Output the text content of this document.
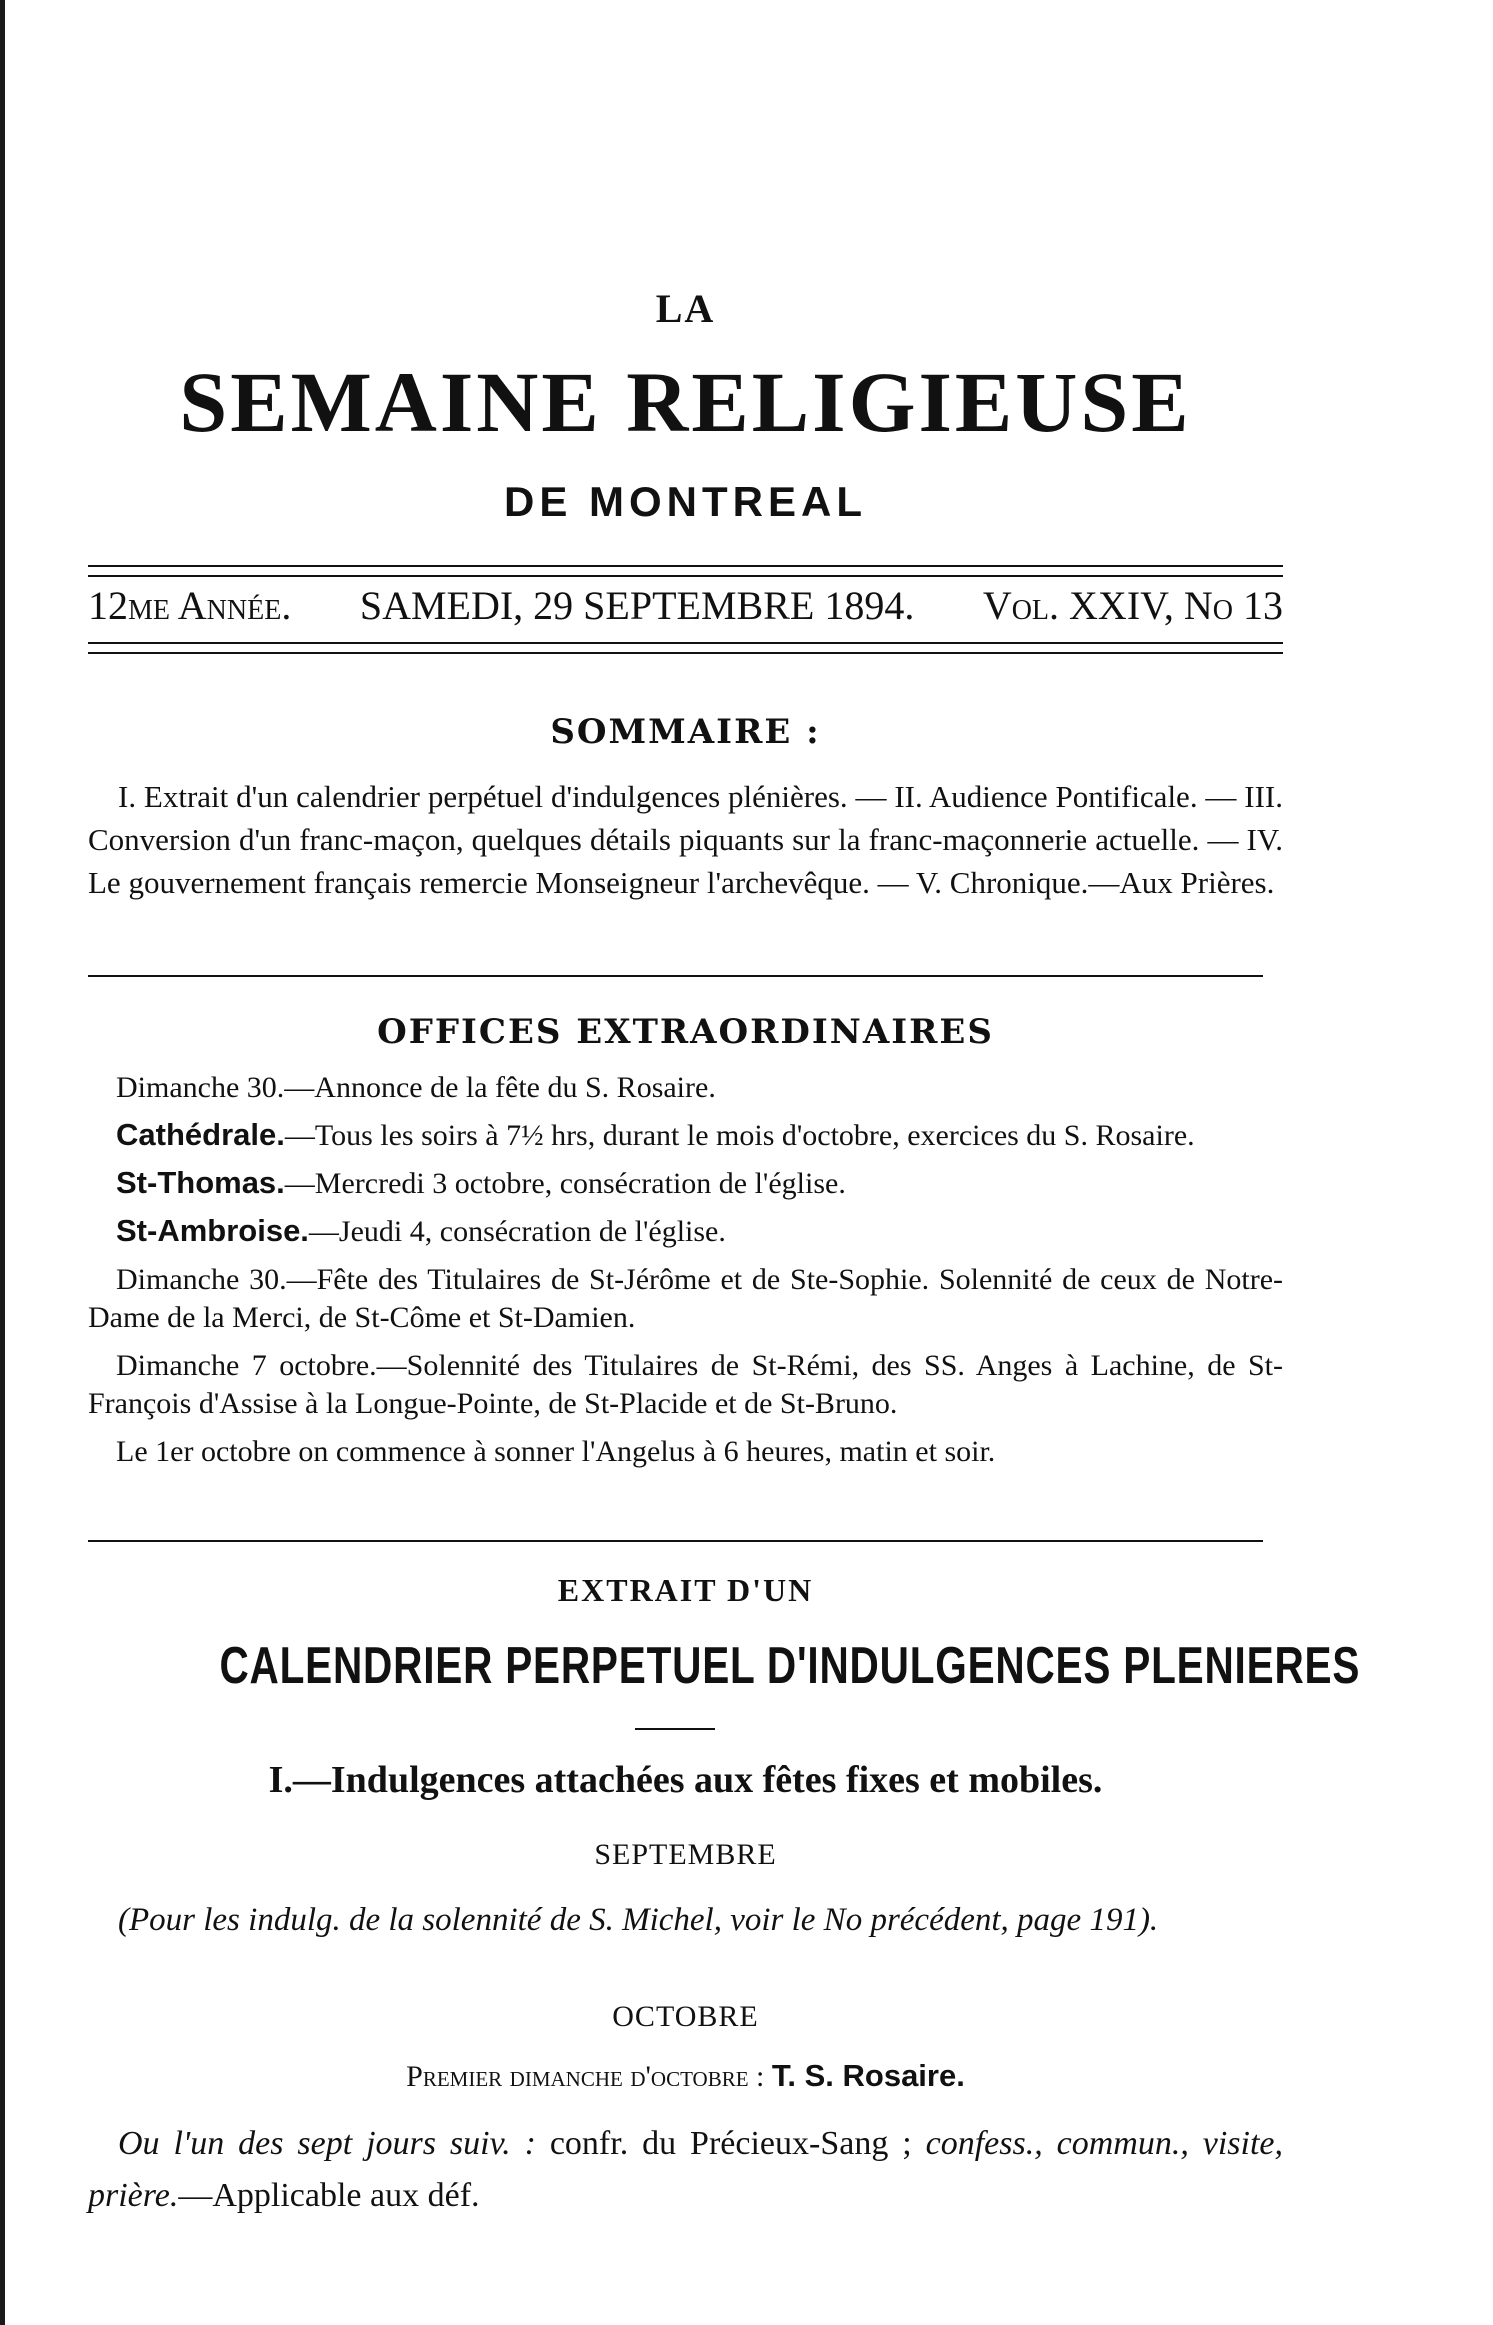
LA
SEMAINE RELIGIEUSE
DE MONTREAL
12me Année. SAMEDI, 29 SEPTEMBRE 1894. Vol. XXIV, No 13
SOMMAIRE :

I. Extrait d'un calendrier perpétuel d'indulgences plénières. — II. Audience Pontificale. — III. Conversion d'un franc-maçon, quelques détails piquants sur la franc-maçonnerie actuelle. — IV. Le gouvernement français remercie Monseigneur l'archevêque. — V. Chronique.—Aux Prières.

OFFICES EXTRAORDINAIRES

Dimanche 30.—Annonce de la fête du S. Rosaire.

Cathédrale.—Tous les soirs à 7½ hrs, durant le mois d'octobre, exercices du S. Rosaire.

St-Thomas.—Mercredi 3 octobre, consécration de l'église.

St-Ambroise.—Jeudi 4, consécration de l'église.

Dimanche 30.—Fête des Titulaires de St-Jérôme et de Ste-Sophie. Solennité de ceux de Notre-Dame de la Merci, de St-Côme et St-Damien.

Dimanche 7 octobre.—Solennité des Titulaires de St-Rémi, des SS. Anges à Lachine, de St-François d'Assise à la Longue-Pointe, de St-Placide et de St-Bruno.

Le 1er octobre on commence à sonner l'Angelus à 6 heures, matin et soir.

EXTRAIT D'UN
CALENDRIER PERPETUEL D'INDULGENCES PLENIERES
I.—Indulgences attachées aux fêtes fixes et mobiles.
SEPTEMBRE

(Pour les indulg. de la solennité de S. Michel, voir le No précédent, page 191).

OCTOBRE
Premier dimanche d'octobre : T. S. Rosaire.

Ou l'un des sept jours suiv. : confr. du Précieux-Sang ; confess., commun., visite, prière.—Applicable aux déf.
